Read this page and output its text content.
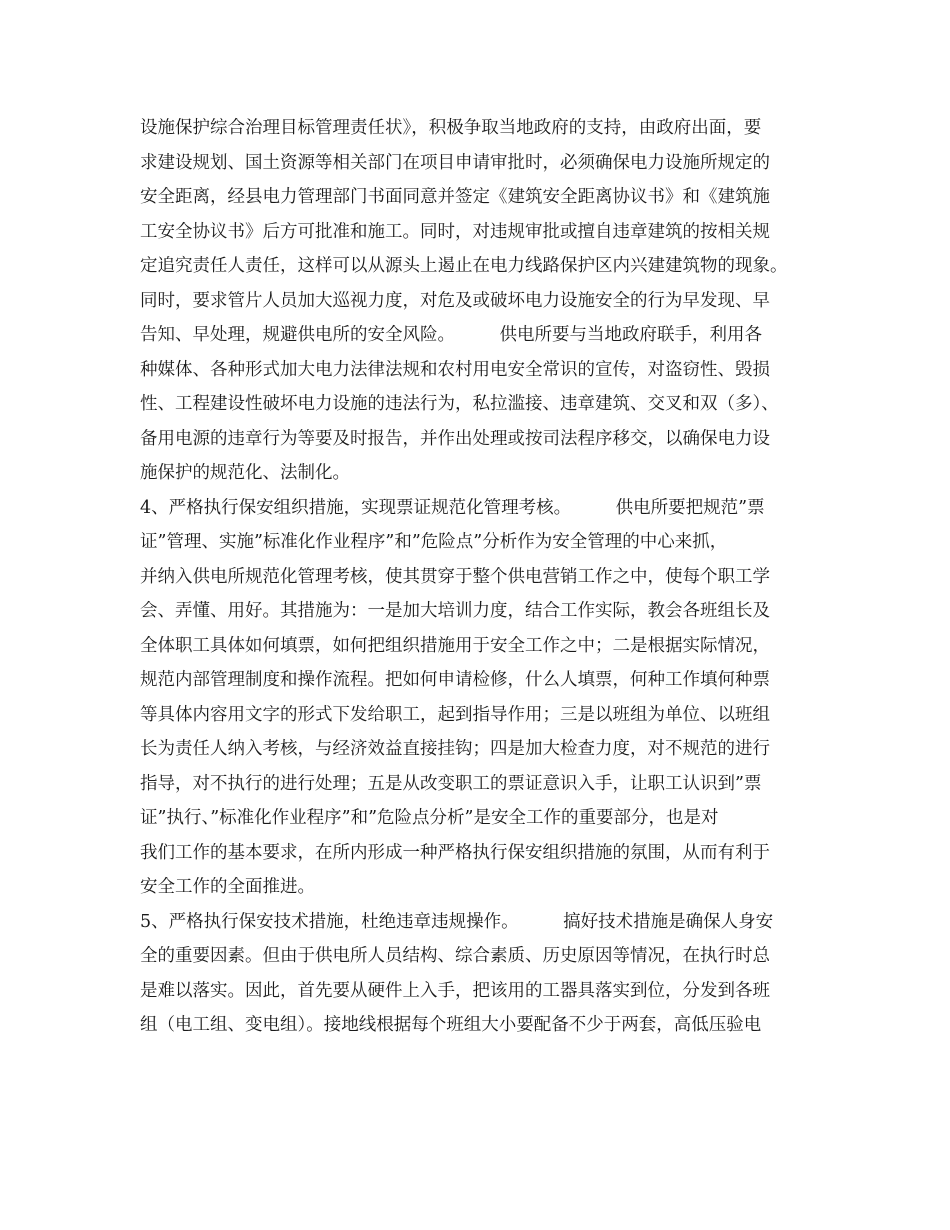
设施保护综合治理目标管理责任状》，积极争取当地政府的支持，由政府出面，要
求建设规划、国土资源等相关部门在项目申请审批时，必须确保电力设施所规定的
安全距离，经县电力管理部门书面同意并签定《建筑安全距离协议书》和《建筑施
工安全协议书》后方可批准和施工。同时，对违规审批或擅自违章建筑的按相关规
定追究责任人责任，这样可以从源头上遏止在电力线路保护区内兴建建筑物的现象。
同时，要求管片人员加大巡视力度，对危及或破坏电力设施安全的行为早发现、早
告知、早处理，规避供电所的安全风险。        供电所要与当地政府联手，利用各
种媒体、各种形式加大电力法律法规和农村用电安全常识的宣传，对盗窃性、毁损
性、工程建设性破坏电力设施的违法行为，私拉滥接、违章建筑、交叉和双（多）、
备用电源的违章行为等要及时报告，并作出处理或按司法程序移交，以确保电力设
施保护的规范化、法制化。
4、严格执行保安组织措施，实现票证规范化管理考核。        供电所要把规范”票
证”管理、实施”标准化作业程序”和”危险点”分析作为安全管理的中心来抓，
并纳入供电所规范化管理考核，使其贯穿于整个供电营销工作之中，使每个职工学
会、弄懂、用好。其措施为：一是加大培训力度，结合工作实际，教会各班组长及
全体职工具体如何填票，如何把组织措施用于安全工作之中；二是根据实际情况，
规范内部管理制度和操作流程。把如何申请检修，什么人填票，何种工作填何种票
等具体内容用文字的形式下发给职工，起到指导作用；三是以班组为单位、以班组
长为责任人纳入考核，与经济效益直接挂钩；四是加大检查力度，对不规范的进行
指导，对不执行的进行处理；五是从改变职工的票证意识入手，让职工认识到”票
证”执行、”标准化作业程序”和”危险点分析”是安全工作的重要部分，也是对
我们工作的基本要求，在所内形成一种严格执行保安组织措施的氛围，从而有利于
安全工作的全面推进。
5、严格执行保安技术措施，杜绝违章违规操作。        搞好技术措施是确保人身安
全的重要因素。但由于供电所人员结构、综合素质、历史原因等情况，在执行时总
是难以落实。因此，首先要从硬件上入手，把该用的工器具落实到位，分发到各班
组（电工组、变电组）。接地线根据每个班组大小要配备不少于两套，高低压验电
